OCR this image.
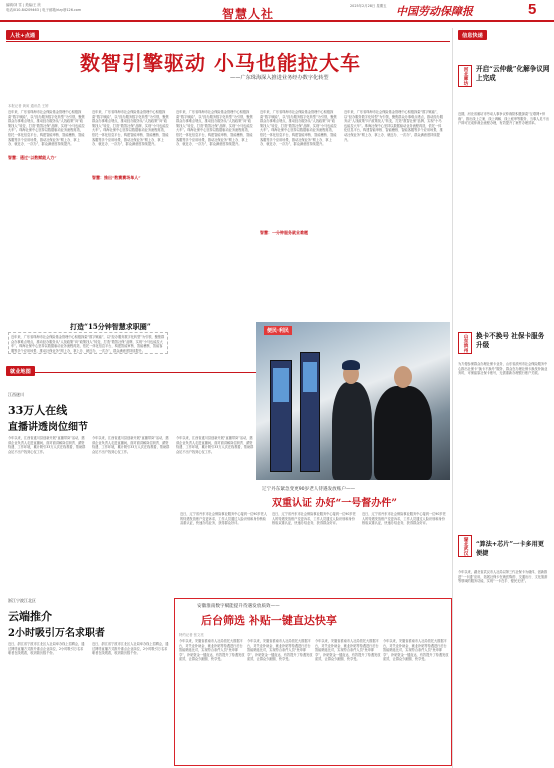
编辑/刘 雪 | 美编/王 欣
电话/010-84209463 | 电子邮箱/rlzy@126.com	智慧人社
2025年2月28日 星期五 中国劳动保障报	5
人社+点通
数智引擎驱动 小马也能拉大车
——广东珠海深入推进业务经办数字化转型
本报记者 黄寅 通讯员 王婷
近年来，广东省珠海市社会保险基金管理中心积极探索“数字赋能”，以“经办服务数字化转型”为引领，聚焦群众办事难点堵点，推动经办服务从“人找政策”向“政策找人”转变，打造“数智社保”品牌，实现“小马也能拉大车”。珠海社保中心坚持以数据驱动业务流程再造，依托一体化信息平台，构建智能审核、智能稽核、智能客服等多个应用场景，推动社保业务“网上办、掌上办、就近办、一次办”，群众满意度持续提升。
智慧：通过“以数赋能人力”
近年来，广东省珠海市社会保险基金管理中心积极探索“数字赋能”，以“经办服务数字化转型”为引领，聚焦群众办事难点堵点，推动经办服务从“人找政策”向“政策找人”转变，打造“数智社保”品牌，实现“小马也能拉大车”。珠海社保中心坚持以数据驱动业务流程再造，依托一体化信息平台，构建智能审核、智能稽核、智能客服等多个应用场景，推动社保业务“网上办、掌上办、就近办、一次办”，群众满意度持续提升。
智慧：推出“数赛赛场单人”
近年来，广东省珠海市社会保险基金管理中心积极探索“数字赋能”，以“经办服务数字化转型”为引领，聚焦群众办事难点堵点，推动经办服务从“人找政策”向“政策找人”转变，打造“数智社保”品牌，实现“小马也能拉大车”。珠海社保中心坚持以数据驱动业务流程再造，依托一体化信息平台，构建智能审核、智能稽核、智能客服等多个应用场景，推动社保业务“网上办、掌上办、就近办、一次办”，群众满意度持续提升。
近年来，广东省珠海市社会保险基金管理中心积极探索“数字赋能”，以“经办服务数字化转型”为引领，聚焦群众办事难点堵点，推动经办服务从“人找政策”向“政策找人”转变，打造“数智社保”品牌，实现“小马也能拉大车”。珠海社保中心坚持以数据驱动业务流程再造，依托一体化信息平台，构建智能审核、智能稽核、智能客服等多个应用场景，推动社保业务“网上办、掌上办、就近办、一次办”，群众满意度持续提升。
智慧：一分钟服务就业难题
近年来，广东省珠海市社会保险基金管理中心积极探索“数字赋能”，以“经办服务数字化转型”为引领，聚焦群众办事难点堵点，推动经办服务从“人找政策”向“政策找人”转变，打造“数智社保”品牌，实现“小马也能拉大车”。珠海社保中心坚持以数据驱动业务流程再造，依托一体化信息平台，构建智能审核、智能稽核、智能客服等多个应用场景，推动社保业务“网上办、掌上办、就近办、一次办”，群众满意度持续提升。
打造“15分钟智慧求职圈”
近年来，广东省珠海市社会保险基金管理中心积极探索“数字赋能”，以“经办服务数字化转型”为引领，聚焦群众办事难点堵点，推动经办服务从“人找政策”向“政策找人”转变，打造“数智社保”品牌，实现“小马也能拉大车”。珠海社保中心坚持以数据驱动业务流程再造，依托一体化信息平台，构建智能审核、智能稽核、智能客服等多个应用场景，推动社保业务“网上办、掌上办、就近办、一次办”，群众满意度持续提升。
信息快递
河北廊坊	开启“云仲裁”化解争议网上完成
近期，河北省廊坊市劳动人事争议仲裁院积极探索“互联网+仲裁”，推出线上立案、线上调解、线上庭审等服务，当事人足不出户即可完成仲裁全流程办理，有效提升了案件办理效率。
山东滨州	换卡不换号 社保卡服务升级
为方便参保群众办理社保卡业务，山东省滨州市社会保险服务中心推出社保卡“换卡不换号”服务，群众在办理社保卡换发补换业务时，可保留原社保卡账号，无需重新办理银行账户关联。
湖北武汉	“算法+芯片”一卡多用更便捷
今年以来，湖北省武汉市人社局以第三代社保卡为载体，创新推进“一卡通”应用，拓展社保卡在就医购药、交通出行、文化旅游等领域的服务功能，实现“一卡在手、便民无忧”。
就业地图
江西遂川
33万人在线
直播讲透岗位细节
今年以来，江西省遂川县创新开展“直播带岗”活动，邀请企业负责人走进直播间，面对面讲解岗位职责、薪资待遇、工作环境，累计吸引33万人次在线观看，帮助群众足不出户找到心仪工作。
今年以来，江西省遂川县创新开展“直播带岗”活动，邀请企业负责人走进直播间，面对面讲解岗位职责、薪资待遇、工作环境，累计吸引33万人次在线观看，帮助群众足不出户找到心仪工作。
今年以来，江西省遂川县创新开展“直播带岗”活动，邀请企业负责人走进直播间，面对面讲解岗位职责、薪资待遇、工作环境，累计吸引33万人次在线观看，帮助群众足不出户找到心仪工作。
浙江宁波江北区
云端推介
2小时吸引万名求职者
近日，浙江省宁波市江北区人社局举办线上招聘会，通过网络直播方式推介重点企业岗位，2小时吸引万名求职者在线观看，收到简历数千份。
近日，浙江省宁波市江北区人社局举办线上招聘会，通过网络直播方式推介重点企业岗位，2小时吸引万名求职者在线观看，收到简历数千份。
便民·利民
辽宁丹东紧急变更90岁老人待遇发放账户——
双重认证 办好“一号督办件”
近日，辽宁省丹东市社会保险事业服务中心接到一位90岁老人的待遇发放账户变更诉求，工作人员通过人脸识别和身份核验双重认证，快速办结业务，获得群众好评。
近日，辽宁省丹东市社会保险事业服务中心接到一位90岁老人的待遇发放账户变更诉求，工作人员通过人脸识别和身份核验双重认证，快速办结业务，获得群众好评。
近日，辽宁省丹东市社会保险事业服务中心接到一位90岁老人的待遇发放账户变更诉求，工作人员通过人脸识别和身份核验双重认证，快速办结业务，获得群众好评。
安徽淮南数字赋能提升待遇发放质效——
后台筛选 补贴一键直达快享
特约记者 张文亮
今年以来，安徽省淮南市人社局依托大数据平台，对失业补助金、就业补贴等待遇进行后台智能筛选比对，实现符合条件人员“免申即享”，补贴资金一键直达，有效提升了待遇发放质效，让群众少跑腿、快享受。
今年以来，安徽省淮南市人社局依托大数据平台，对失业补助金、就业补贴等待遇进行后台智能筛选比对，实现符合条件人员“免申即享”，补贴资金一键直达，有效提升了待遇发放质效，让群众少跑腿、快享受。
今年以来，安徽省淮南市人社局依托大数据平台，对失业补助金、就业补贴等待遇进行后台智能筛选比对，实现符合条件人员“免申即享”，补贴资金一键直达，有效提升了待遇发放质效，让群众少跑腿、快享受。
今年以来，安徽省淮南市人社局依托大数据平台，对失业补助金、就业补贴等待遇进行后台智能筛选比对，实现符合条件人员“免申即享”，补贴资金一键直达，有效提升了待遇发放质效，让群众少跑腿、快享受。
